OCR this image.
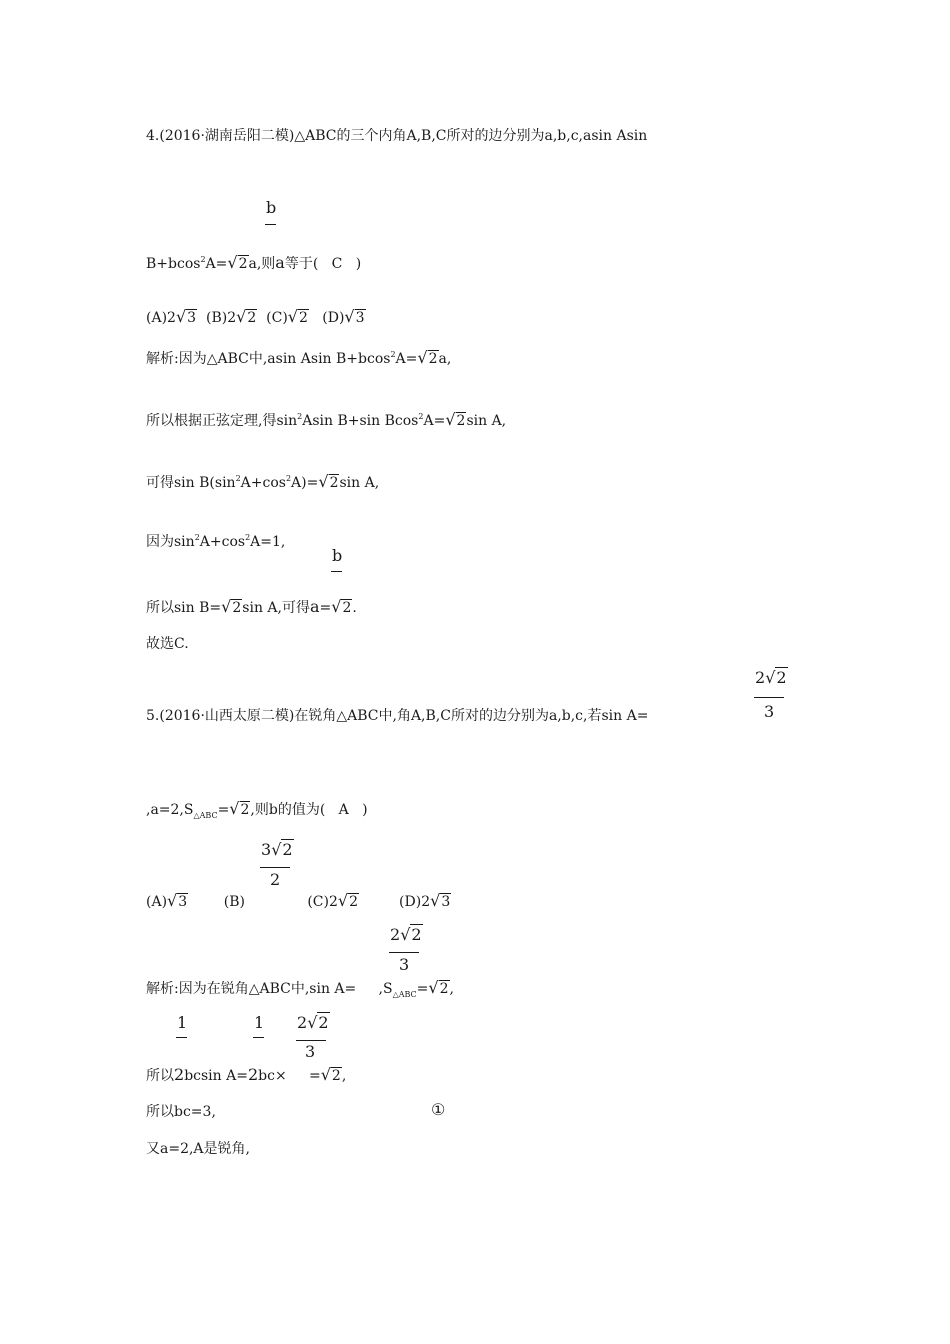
4.(2016·湖南岳阳二模)△ABC的三个内角A,B,C所对的边分别为a,b,c,asin Asin
b

B+bcos$^2$A=√2a,则a等于( C )

(A)2√3 (B)2√2 (C)√2 (D)√3

解析:因为△ABC中,asin Asin B+bcos$^2$A=√2a,

所以根据正弦定理,得$\sin^2Asin$ B+sin Bcos$^2$A=√2sin A,

可得$\sin B(\sin^2A+\cos^2A)=√2\sin$ A,

因为$\sin^2A+\cos^2A=1$,

b

所以sin B=√2sin A,可得a=√2.

故选C.
2√2
3
5.(2016·山西太原二模)在锐角△ABC中,角A,B,C所对的边分别为a,b,c,若sin A=

$,a=2,S_{\triangle ABC}=√2$,则b的值为( A )

3√2
2

(A)√3	(B)	(C)2√2	(D)2√3

2√2
3

解析:因为在锐角△ABC中,sin $A= ,S_{\triangle ABC}=√2$,

1	1 2√2
3

所以2bcsin A=2bc× =√2,

所以bc=3,	①
又a=2,A是锐角,
